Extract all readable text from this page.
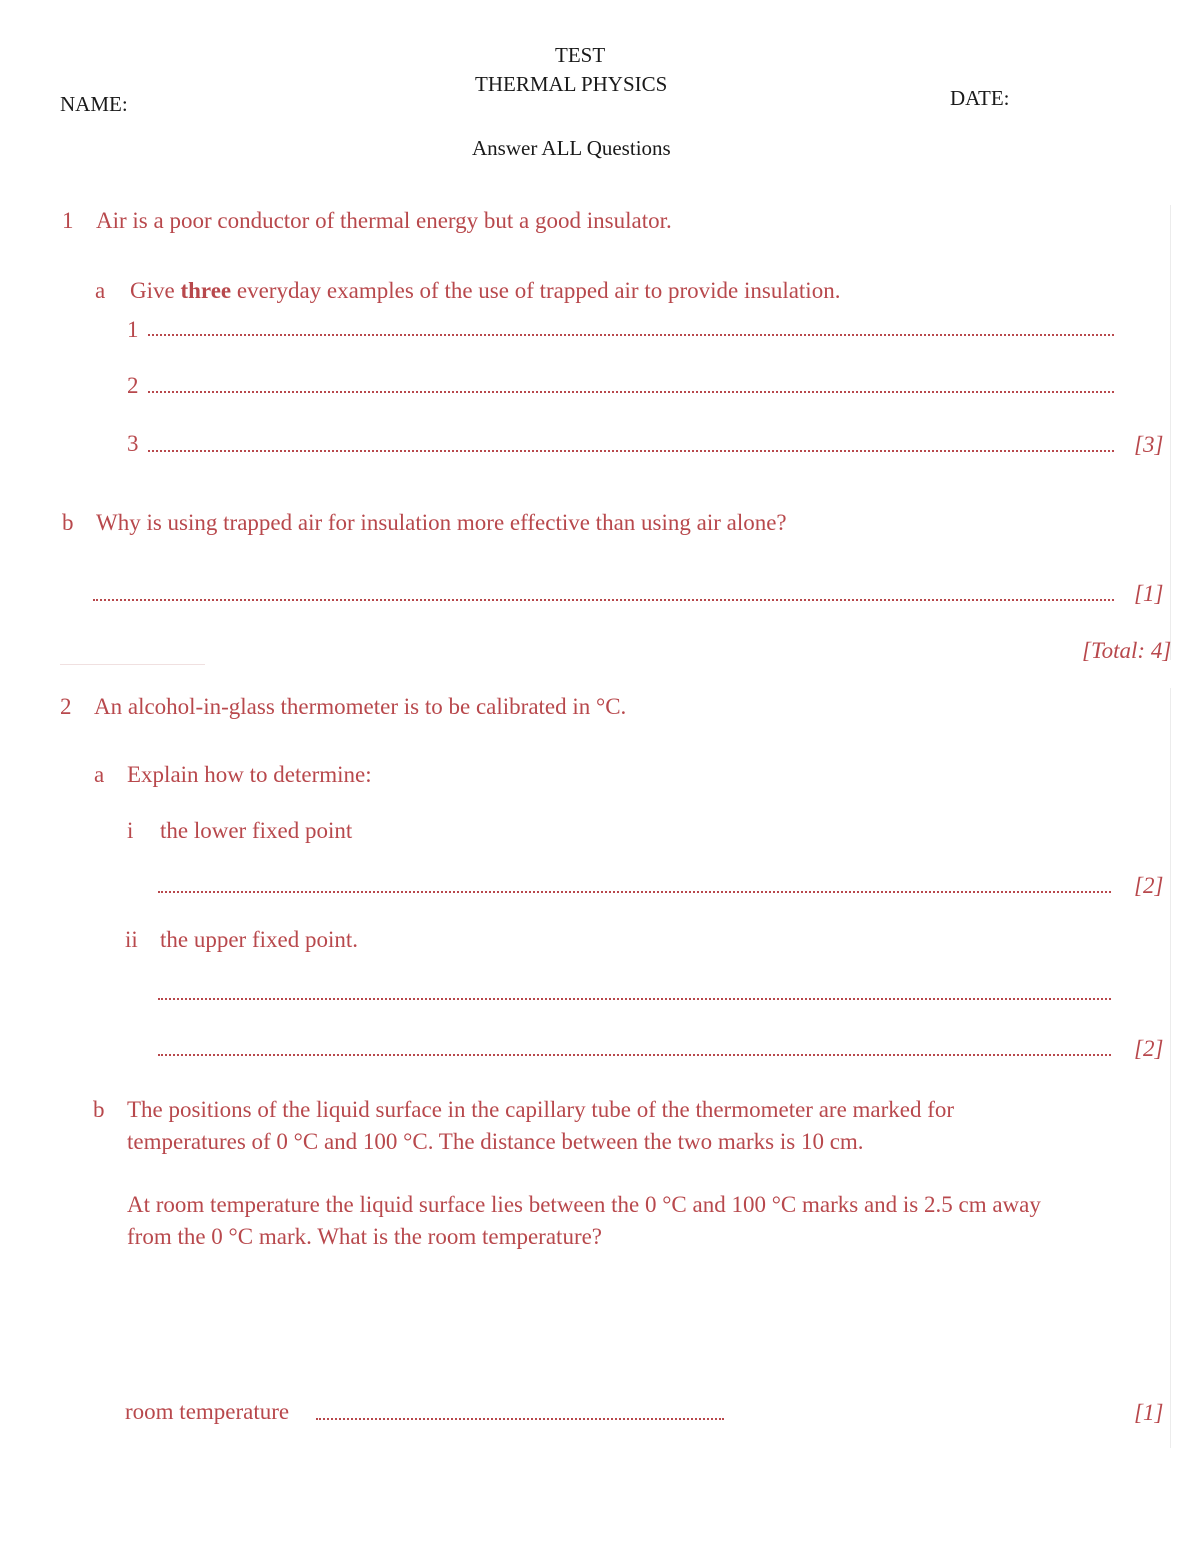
TEST
THERMAL PHYSICS
NAME:	DATE:
Answer ALL Questions
1 Air is a poor conductor of thermal energy but a good insulator.
a Give three everyday examples of the use of trapped air to provide insulation.
1
2
3	[3]
b Why is using trapped air for insulation more effective than using air alone?
[1]
[Total: 4]
2 An alcohol-in-glass thermometer is to be calibrated in °C.
a Explain how to determine:
i the lower fixed point
[2]
ii the upper fixed point.
[2]
b The positions of the liquid surface in the capillary tube of the thermometer are marked for
temperatures of 0 °C and 100 °C. The distance between the two marks is 10 cm.
At room temperature the liquid surface lies between the 0 °C and 100 °C marks and is 2.5 cm away
from the 0 °C mark. What is the room temperature?
room temperature	[1]
